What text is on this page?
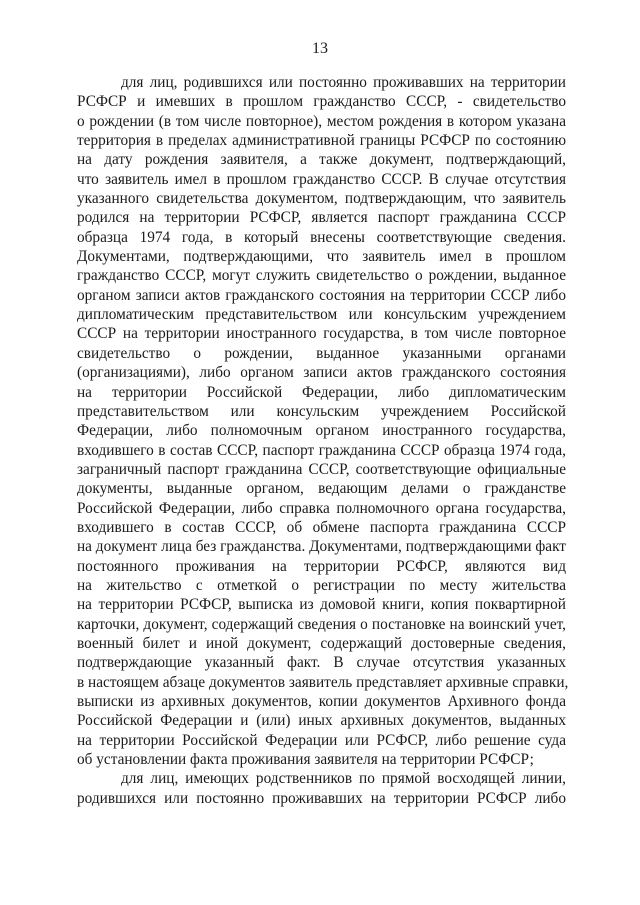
13
для лиц, родившихся или постоянно проживавших на территории
РСФСР и имевших в прошлом гражданство СССР, - свидетельство
о рождении (в том числе повторное), местом рождения в котором указана
территория в пределах административной границы РСФСР по состоянию
на дату рождения заявителя, а также документ, подтверждающий,
что заявитель имел в прошлом гражданство СССР. В случае отсутствия
указанного свидетельства документом, подтверждающим, что заявитель
родился на территории РСФСР, является паспорт гражданина СССР
образца 1974 года, в который внесены соответствующие сведения.
Документами, подтверждающими, что заявитель имел в прошлом
гражданство СССР, могут служить свидетельство о рождении, выданное
органом записи актов гражданского состояния на территории СССР либо
дипломатическим представительством или консульским учреждением
СССР на территории иностранного государства, в том числе повторное
свидетельство о рождении, выданное указанными органами
(организациями), либо органом записи актов гражданского состояния
на территории Российской Федерации, либо дипломатическим
представительством или консульским учреждением Российской
Федерации, либо полномочным органом иностранного государства,
входившего в состав СССР, паспорт гражданина СССР образца 1974 года,
заграничный паспорт гражданина СССР, соответствующие официальные
документы, выданные органом, ведающим делами о гражданстве
Российской Федерации, либо справка полномочного органа государства,
входившего в состав СССР, об обмене паспорта гражданина СССР
на документ лица без гражданства. Документами, подтверждающими факт
постоянного проживания на территории РСФСР, являются вид
на жительство с отметкой о регистрации по месту жительства
на территории РСФСР, выписка из домовой книги, копия поквартирной
карточки, документ, содержащий сведения о постановке на воинский учет,
военный билет и иной документ, содержащий достоверные сведения,
подтверждающие указанный факт. В случае отсутствия указанных
в настоящем абзаце документов заявитель представляет архивные справки,
выписки из архивных документов, копии документов Архивного фонда
Российской Федерации и (или) иных архивных документов, выданных
на территории Российской Федерации или РСФСР, либо решение суда
об установлении факта проживания заявителя на территории РСФСР;
для лиц, имеющих родственников по прямой восходящей линии,
родившихся или постоянно проживавших на территории РСФСР либо
